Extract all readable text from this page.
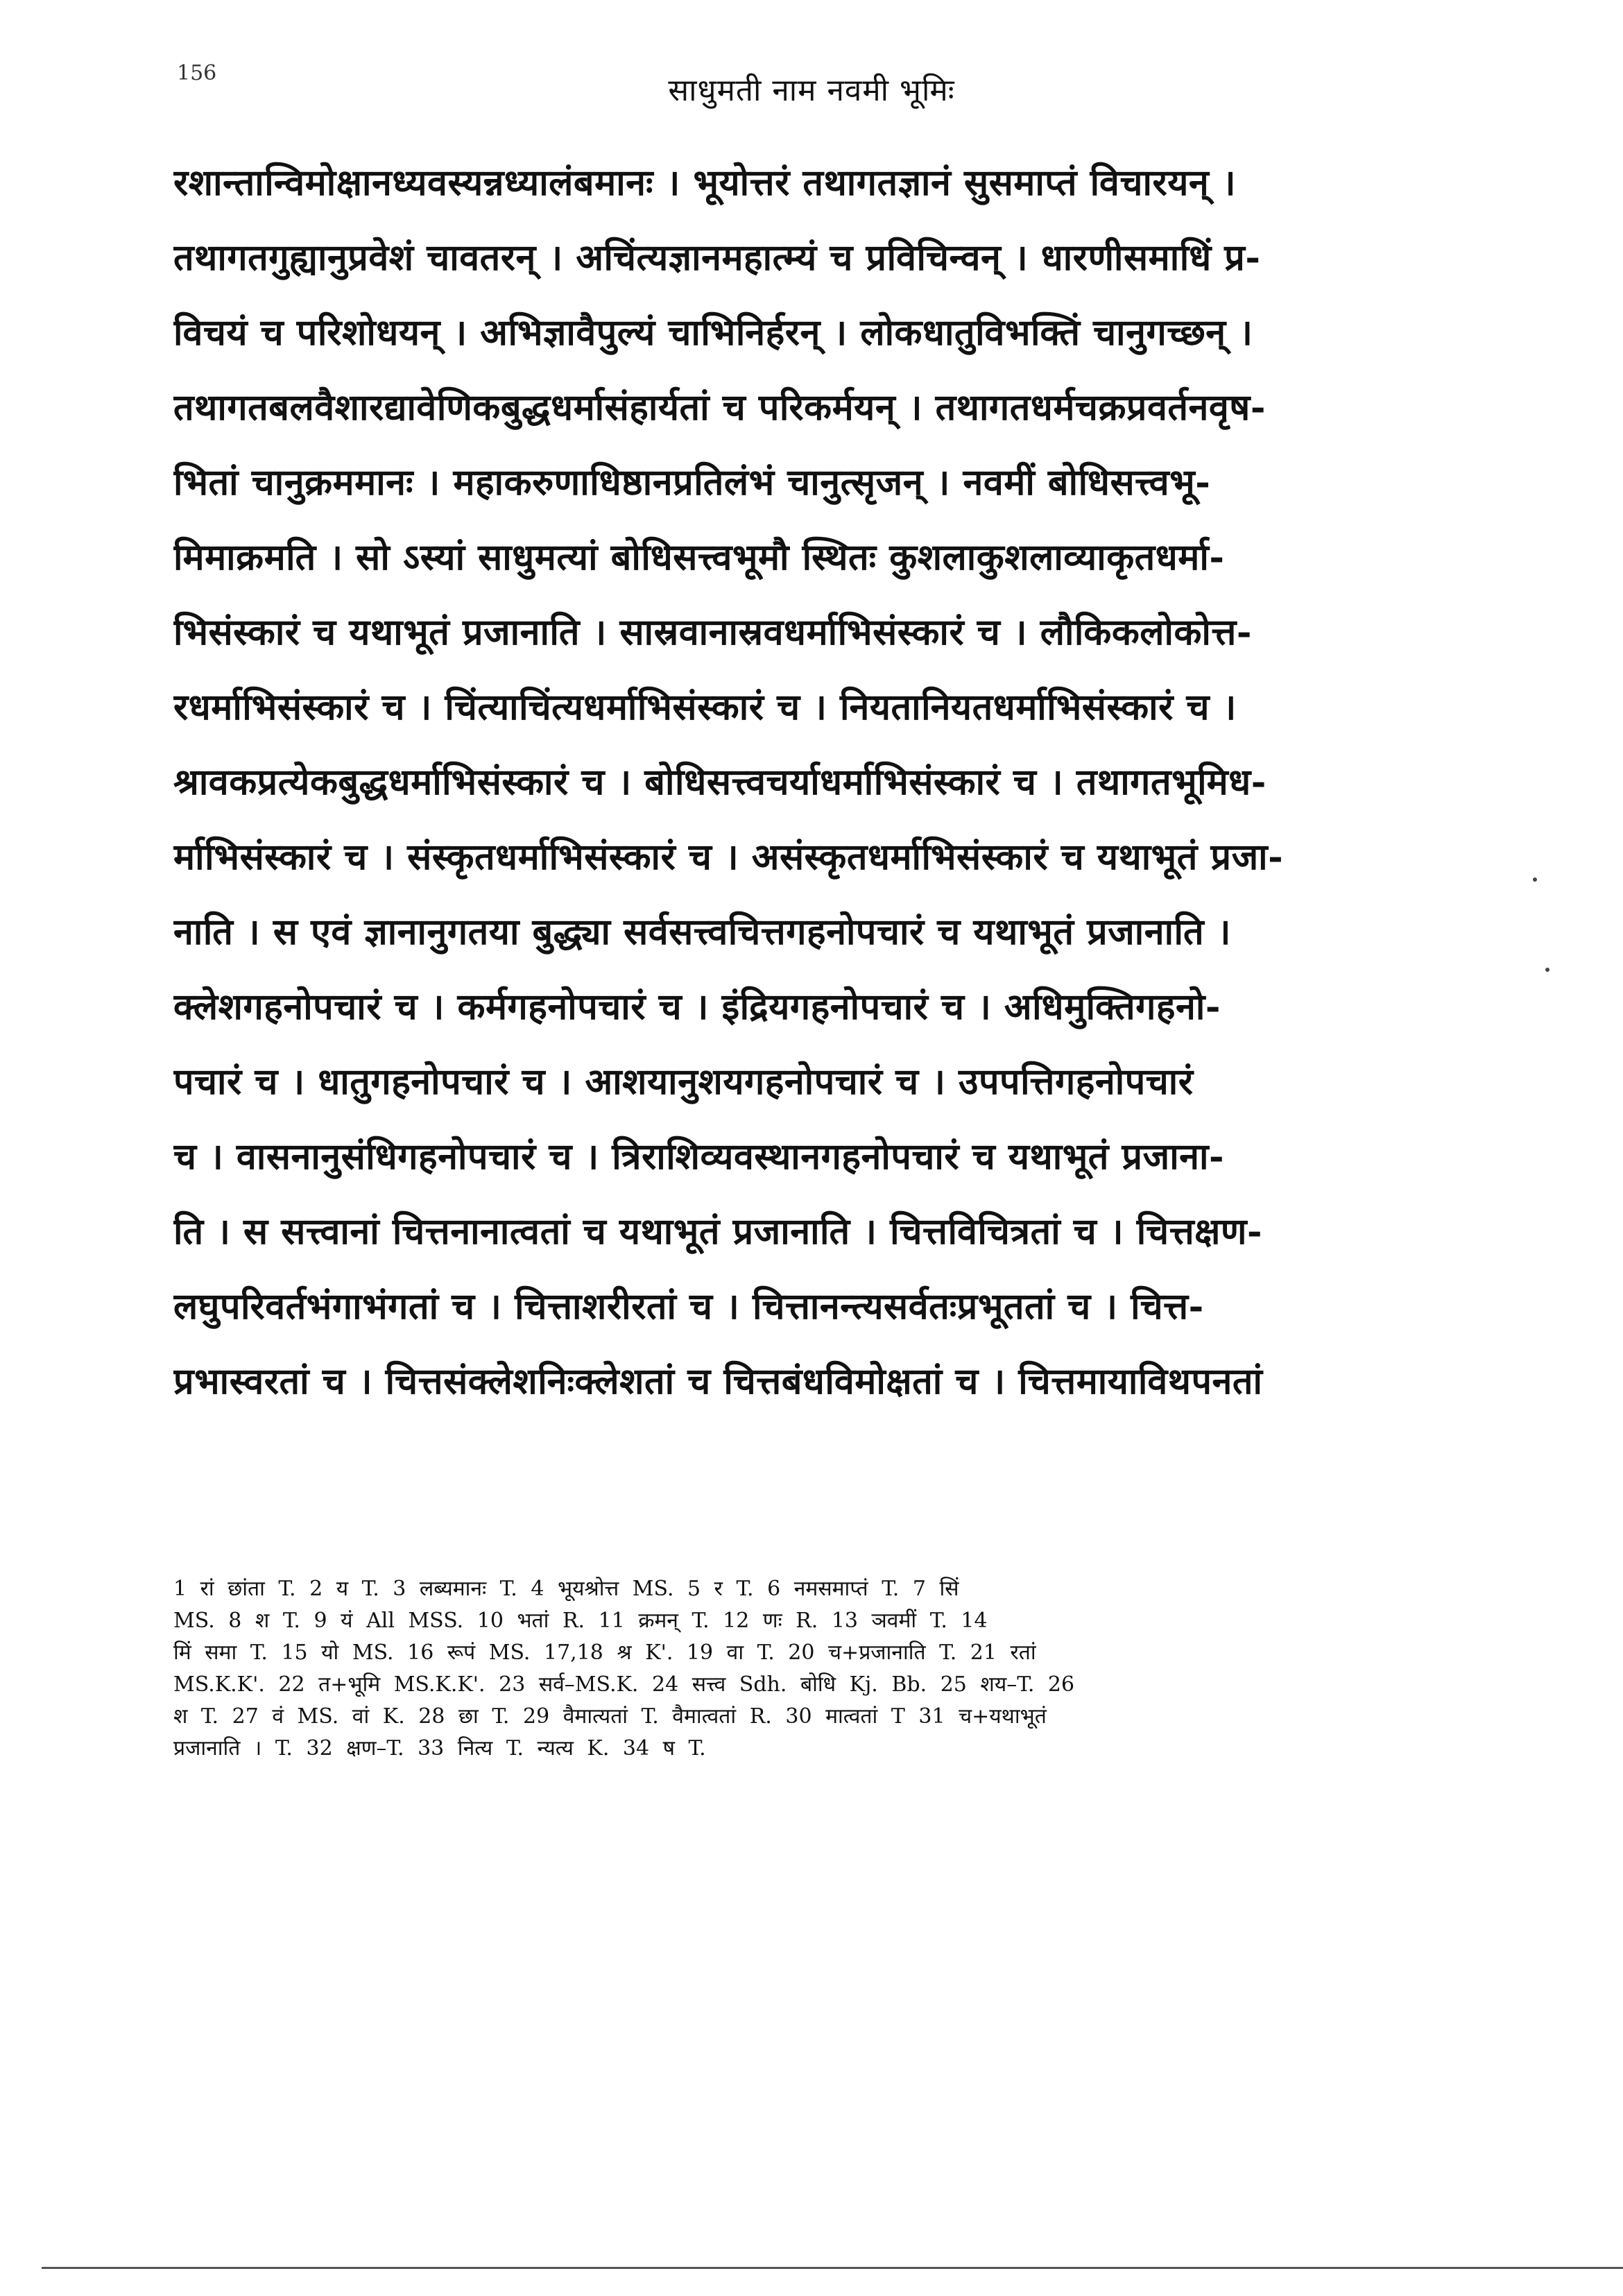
156	साधुमती नाम नवमी भूमिः
रशान्तान्विमोक्षानध्यवस्यन्नध्यालंबमानः । भूयोत्तरं तथागतज्ञानं सुसमाप्तं विचारयन् ।
तथागतगुह्यानुप्रवेशं चावतरन् । अचिंत्यज्ञानमहात्म्यं च प्रविचिन्वन् । धारणीसमाधिं प्र-
विचयं च परिशोधयन् । अभिज्ञावैपुल्यं चाभिनिर्हरन् । लोकधातुविभक्तिं चानुगच्छन् ।
तथागतबलवैशारद्यावेणिकबुद्धधर्मासंहार्यतां च परिकर्मयन् । तथागतधर्मचक्रप्रवर्तनवृष-
भितां चानुक्रममानः । महाकरुणाधिष्ठानप्रतिलंभं चानुत्सृजन् । नवमीं बोधिसत्त्वभू-
मिमाक्रमति । सो ऽस्यां साधुमत्यां बोधिसत्त्वभूमौ स्थितः कुशलाकुशलाव्याकृतधर्मा-
भिसंस्कारं च यथाभूतं प्रजानाति । सास्रवानास्रवधर्माभिसंस्कारं च । लौकिकलोकोत्त-
रधर्माभिसंस्कारं च । चिंत्याचिंत्यधर्माभिसंस्कारं च । नियतानियतधर्माभिसंस्कारं च ।
श्रावकप्रत्येकबुद्धधर्माभिसंस्कारं च । बोधिसत्त्वचर्याधर्माभिसंस्कारं च । तथागतभूमिध-
र्माभिसंस्कारं च । संस्कृतधर्माभिसंस्कारं च । असंस्कृतधर्माभिसंस्कारं च यथाभूतं प्रजा-
नाति । स एवं ज्ञानानुगतया बुद्ध्या सर्वसत्त्वचित्तगहनोपचारं च यथाभूतं प्रजानाति ।
क्लेशगहनोपचारं च । कर्मगहनोपचारं च । इंद्रियगहनोपचारं च । अधिमुक्तिगहनो-
पचारं च । धातुगहनोपचारं च । आशयानुशयगहनोपचारं च । उपपत्तिगहनोपचारं
च । वासनानुसंधिगहनोपचारं च । त्रिराशिव्यवस्थानगहनोपचारं च यथाभूतं प्रजाना-
ति । स सत्त्वानां चित्तनानात्वतां च यथाभूतं प्रजानाति । चित्तविचित्रतां च । चित्तक्षण-
लघुपरिवर्तभंगाभंगतां च । चित्ताशरीरतां च । चित्तानन्त्यसर्वतःप्रभूततां च । चित्त-
प्रभास्वरतां च । चित्तसंक्लेशनिःक्लेशतां च चित्तबंधविमोक्षतां च । चित्तमायाविथपनतां
1 रां छांता T. 2 य T. 3 लब्यमानः T. 4 भूयश्रोत्त MS. 5 र T. 6 नमसमाप्तं T. 7 सिं
MS. 8 श T. 9 यं All MSS. 10 भतां R. 11 क्रमन् T. 12 णः R. 13 ञवमीं T. 14
मिं समा T. 15 यो MS. 16 रूपं MS. 17,18 श्र K'. 19 वा T. 20 च+प्रजानाति T. 21 रतां
MS.K.K'. 22 त+भूमि MS.K.K'. 23 सर्व–MS.K. 24 सत्त्व Sdh. बोधि Kj. Bb. 25 शय–T. 26
श T. 27 वं MS. वां K. 28 छा T. 29 वैमात्यतां T. वैमात्वतां R. 30 मात्वतां T 31 च+यथाभूतं
प्रजानाति । T. 32 क्षण–T. 33 नित्य T. न्यत्य K. 34 ष T.
